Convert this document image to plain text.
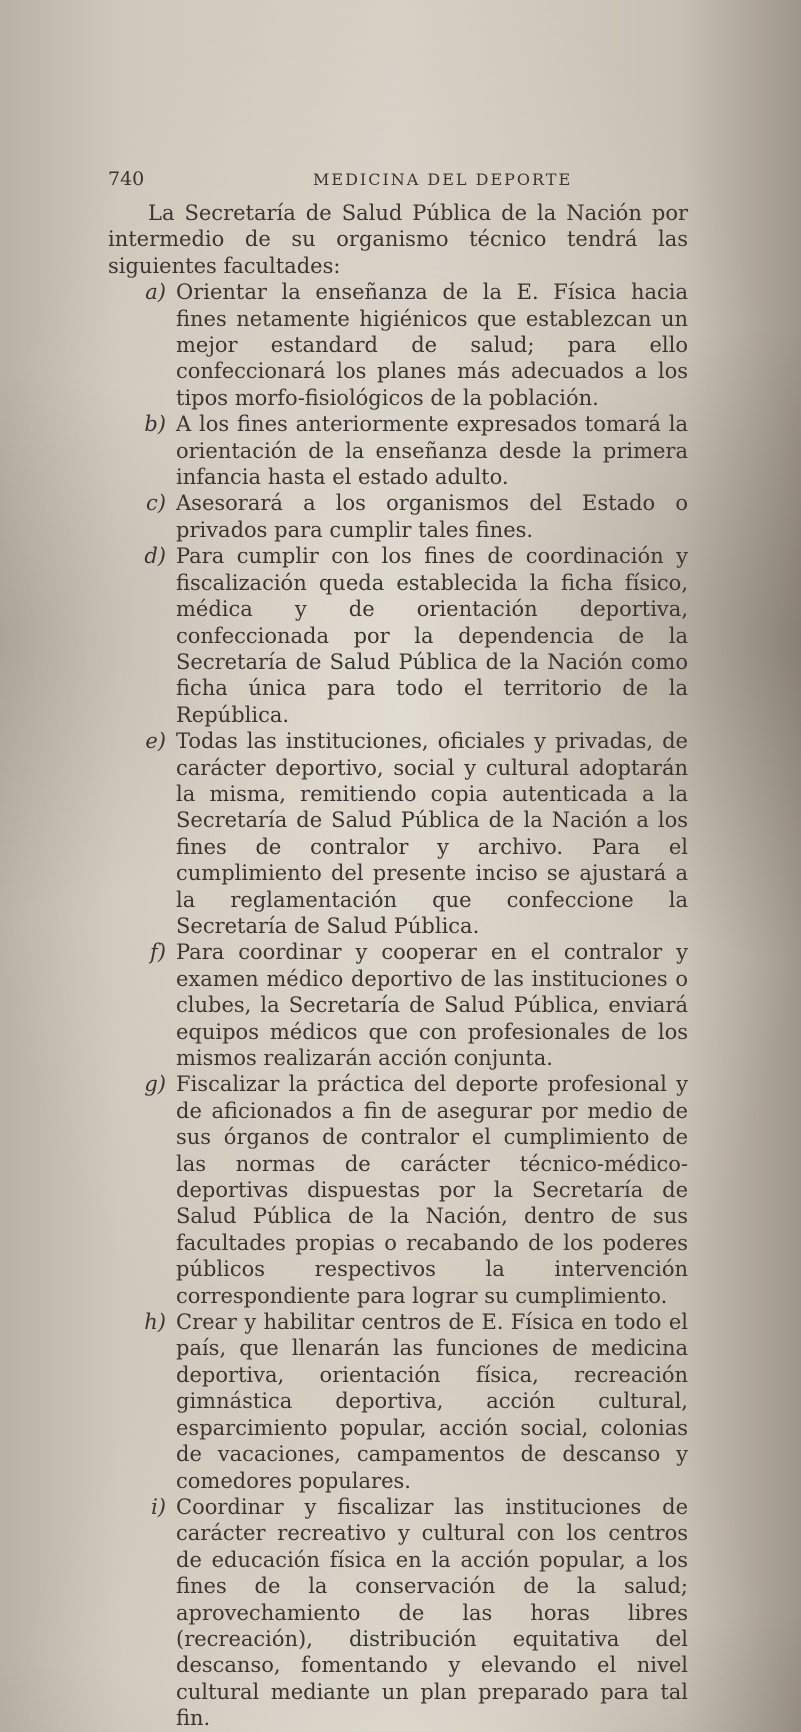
740	MEDICINA DEL DEPORTE

La Secretaría de Salud Pública de la Nación por intermedio de su organismo técnico tendrá las siguientes facultades:

a) Orientar la enseñanza de la E. Física hacia fines netamente higiénicos que establezcan un mejor estandard de salud; para ello confeccionará los planes más adecuados a los tipos morfo-fisiológicos de la población.
b) A los fines anteriormente expresados tomará la orientación de la enseñanza desde la primera infancia hasta el estado adulto.
c) Asesorará a los organismos del Estado o privados para cumplir tales fines.
d) Para cumplir con los fines de coordinación y fiscalización queda establecida la ficha físico, médica y de orientación deportiva, confeccionada por la dependencia de la Secretaría de Salud Pública de la Nación como ficha única para todo el territorio de la República.
e) Todas las instituciones, oficiales y privadas, de carácter deportivo, social y cultural adoptarán la misma, remitiendo copia autenticada a la Secretaría de Salud Pública de la Nación a los fines de contralor y archivo. Para el cumplimiento del presente inciso se ajustará a la reglamentación que confeccione la Secretaría de Salud Pública.
f) Para coordinar y cooperar en el contralor y examen médico deportivo de las instituciones o clubes, la Secretaría de Salud Pública, enviará equipos médicos que con profesionales de los mismos realizarán acción conjunta.
g) Fiscalizar la práctica del deporte profesional y de aficionados a fin de asegurar por medio de sus órganos de contralor el cumplimiento de las normas de carácter técnico-médico-deportivas dispuestas por la Secretaría de Salud Pública de la Nación, dentro de sus facultades propias o recabando de los poderes públicos respectivos la intervención correspondiente para lograr su cumplimiento.
h) Crear y habilitar centros de E. Física en todo el país, que llenarán las funciones de medicina deportiva, orientación física, recreación gimnástica deportiva, acción cultural, esparcimiento popular, acción social, colonias de vacaciones, campamentos de descanso y comedores populares.
i) Coordinar y fiscalizar las instituciones de carácter recreativo y cultural con los centros de educación física en la acción popular, a los fines de la conservación de la salud; aprovechamiento de las horas libres (recreación), distribución equitativa del descanso, fomentando y elevando el nivel cultural mediante un plan preparado para tal fin.
